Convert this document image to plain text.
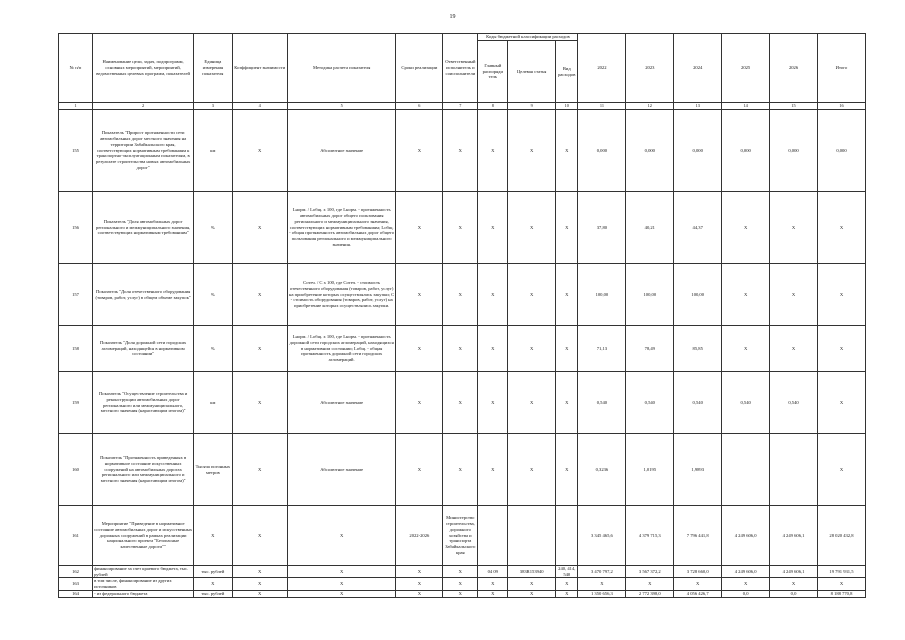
19
№ п/п	Наименование цели, задач, подпрограмм, основных мероприятий, мероприятий, ведомственных целевых программ, показателей	Единица измерения показателя	Коэффициент значимости	Методика расчета показателя	Сроки реализации	Ответственный исполнитель и соисполнители	Коды бюджетной классификации расходов			2022	2023	2024	2025	2026	Итого
							Главный распоряди тель	Целевая статья	Вид расходов						
1	2	3	4	5	6	7	8	9	10	11	12	13	14	15	16
155	Показатель "Прирост протяженности сети автомобильных дорог местного значения на территории Забайкальского края, соответствующих нормативным требованиям к транспортно-эксплуатационным показателям, в результате строительства новых автомобильных дорог"	км	Х	Абсолютное значение	Х	Х	Х	Х	Х	0,000	0,000	0,000	0,000	0,000	0,000
156	Показатель "Доля автомобильных дорог регионального и межмуниципального значения, соответствующих нормативным требованиям"	%	Х	Lнорм. / Lобщ. х 100, где Lнорм. - протяженность автомобильных дорог общего пользования регионального и межмуниципального значения, соответствующих нормативным требованиям; Lобщ. - общая протяженность автомобильных дорог общего пользования регионального и межмуниципального значения.	Х	Х	Х	Х	Х	37,80	40,21	44,37	Х	Х	Х
157	Показатель "Доля отечественного оборудования (товаров, работ, услуг) в общем объеме закупок"	%	Х	Сотеч. / С х 100, где Сотеч. - стоимость отечественного оборудования (товаров, работ, услуг) на приобретение которых осуществлялись закупки; С - стоимость оборудования (товаров, работ, услуг) на приобретение которых осуществлялись закупки.	Х	Х	Х	Х	Х	100,00	100,00	100,00	Х	Х	Х
158	Показатель "Доля дорожной сети городских агломераций, находящейся в нормативном состоянии"	%	Х	Lнорм. / Lобщ. х 100, где Lнорм. - протяженность дорожной сети городских агломераций, находящихся в нормативном состоянии; Lобщ. - общая протяженность дорожной сети городских агломераций.	Х	Х	Х	Х	Х	71,13	78,49	85,85	Х	Х	Х
159	Показатель "Осуществление строительства и реконструкции автомобильных дорог регионального или межмуниципального, местного значения (нарастающим итогом)"	км	Х	Абсолютное значение	Х	Х	Х	Х	Х	0,540	0,540	0,540	0,540	0,540	Х
160	Показатель "Протяженность приведенных в нормативное состояние искусственных сооружений на автомобильных дорогах регионального или межмуниципального и местного значения (нарастающим итогом)"	Тысяча погонных метров	Х	Абсолютное значение	Х	Х	Х	Х	Х	0,3236	1,0195	1,9893			Х
161	Мероприятие "Приведение в нормативное состояние автомобильных дорог и искусственных дорожных сооружений в рамках реализации национального проекта "Безопасные качественные дороги""	Х	Х	Х	2022-2026	Министерство строительства, дорожного хозяйства и транспорта Забайкальского края				3 345 465,6	4 379 715,3	7 796 441,8	4 249 606,0	4 249 606,1	28 020 432,8
162	финансирование за счет краевого бюджета, тыс. рублей	тыс. рублей	Х	Х	Х	Х	04 09	383R153940	240, 414, 540	3 470 797,2	3 567 372,2	3 728 660,0	4 249 606,0	4 249 606,1	19 791 931,5
163	в том числе, финансирование из других источников	Х	Х	Х	Х	Х	Х	Х	Х	Х	Х	Х	Х	Х	Х
164	- из федерального бюджета	тыс. рублей	Х	Х	Х	Х	Х	Х	Х	1 350 656,3	2 772 398,0	4 056 426,7	0,0	0,0	8 188 770,8
